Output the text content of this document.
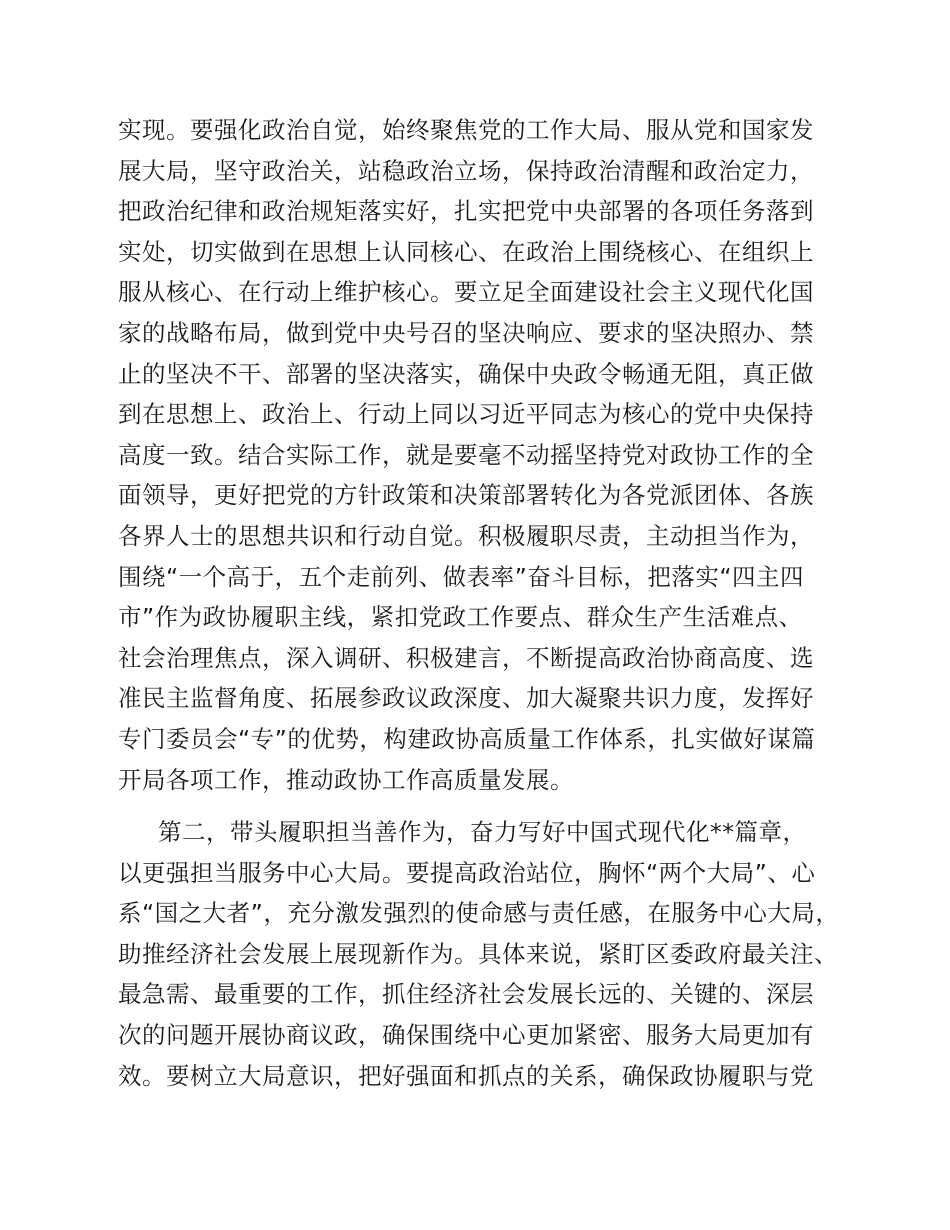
实现。要强化政治自觉，始终聚焦党的工作大局、服从党和国家发
展大局，坚守政治关，站稳政治立场，保持政治清醒和政治定力，
把政治纪律和政治规矩落实好，扎实把党中央部署的各项任务落到
实处，切实做到在思想上认同核心、在政治上围绕核心、在组织上
服从核心、在行动上维护核心。要立足全面建设社会主义现代化国
家的战略布局，做到党中央号召的坚决响应、要求的坚决照办、禁
止的坚决不干、部署的坚决落实，确保中央政令畅通无阻，真正做
到在思想上、政治上、行动上同以习近平同志为核心的党中央保持
高度一致。结合实际工作，就是要毫不动摇坚持党对政协工作的全
面领导，更好把党的方针政策和决策部署转化为各党派团体、各族
各界人士的思想共识和行动自觉。积极履职尽责，主动担当作为，
围绕“一个高于，五个走前列、做表率”奋斗目标，把落实“四主四
市”作为政协履职主线，紧扣党政工作要点、群众生产生活难点、
社会治理焦点，深入调研、积极建言，不断提高政治协商高度、选
准民主监督角度、拓展参政议政深度、加大凝聚共识力度，发挥好
专门委员会“专”的优势，构建政协高质量工作体系，扎实做好谋篇
开局各项工作，推动政协工作高质量发展。
第二，带头履职担当善作为，奋力写好中国式现代化**篇章，
以更强担当服务中心大局。要提高政治站位，胸怀“两个大局”、心
系“国之大者”，充分激发强烈的使命感与责任感，在服务中心大局，
助推经济社会发展上展现新作为。具体来说，紧盯区委政府最关注、
最急需、最重要的工作，抓住经济社会发展长远的、关键的、深层
次的问题开展协商议政，确保围绕中心更加紧密、服务大局更加有
效。要树立大局意识，把好强面和抓点的关系，确保政协履职与党
